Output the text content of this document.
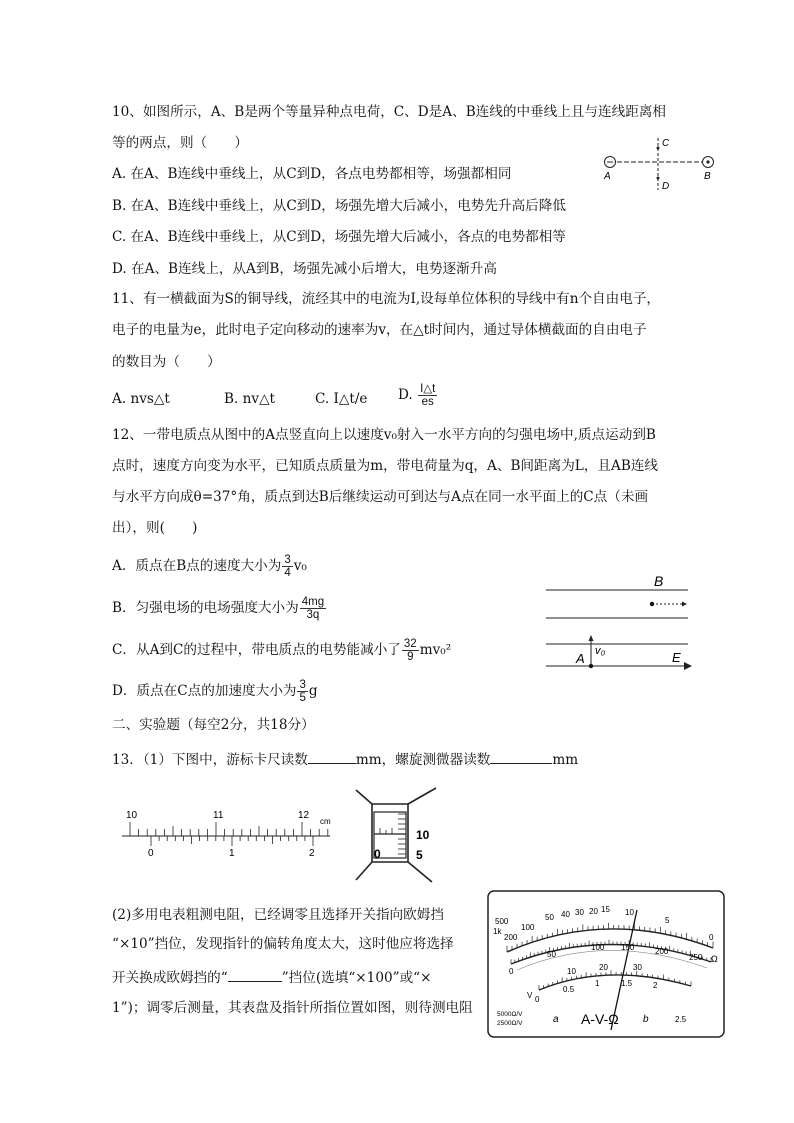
10、如图所示，A、B是两个等量异种点电荷，C、D是A、B连线的中垂线上且与连线距离相
等的两点，则（　　）
A. 在A、B连线中垂线上，从C到D，各点电势都相等，场强都相同
B. 在A、B连线中垂线上，从C到D，场强先增大后减小，电势先升高后降低
C. 在A、B连线中垂线上，从C到D，场强先增大后减小，各点的电势都相等
D. 在A、B连线上，从A到B，场强先减小后增大，电势逐渐升高
A	B
C
D
11、有一横截面为S的铜导线，流经其中的电流为I,设每单位体积的导线中有n个自由电子，
电子的电量为e，此时电子定向移动的速率为v，在△t时间内，通过导体横截面的自由电子
的数目为（　　）
A. nvs△t	B. nv△t	C. I△t/e D. $\frac{I\triangle t}{es}$
12、一带电质点从图中的A点竖直向上以速度v₀射入一水平方向的匀强电场中,质点运动到B
点时，速度方向变为水平，已知质点质量为m，带电荷量为q，A、B间距离为L，且AB连线
与水平方向成θ=37°角，质点到达B后继续运动可到达与A点在同一水平面上的C点（未画
出），则(　　)
A．质点在B点的速度大小为 $\frac{3}{4} v_0$
B．匀强电场的电场强度大小为 $\frac{4mg}{3q}$
C．从A到C的过程中，带电质点的电势能减小了 $\frac{32}{9} mv_0^2$
D．质点在C点的加速度大小为 $\frac{3}{5}$ g
B
A v₀	E
二、实验题（每空2分，共18分）
13．（1）下图中，游标卡尺读数	mm，螺旋测微器读数	mm
10	11	12
cm
0	1	2
10
5
0
(2)多用电表粗测电阻，已经调零且选择开关指向欧姆挡
“×10”挡位，发现指针的偏转角度太大，这时他应将选择
开关换成欧姆挡的“	”挡位(选填“×100”或“×
1”)；调零后测量，其表盘及指针所指位置如图，则待测电阻
500
1k
200
100
50 40 30 20 15 10
5
0
Ω
0
50
100 150	200
250
10	20	30
V 0
0.5
1	1.5	2
2.5
5000Ω/V
2500Ω/V	a	b
A-V-Ω
